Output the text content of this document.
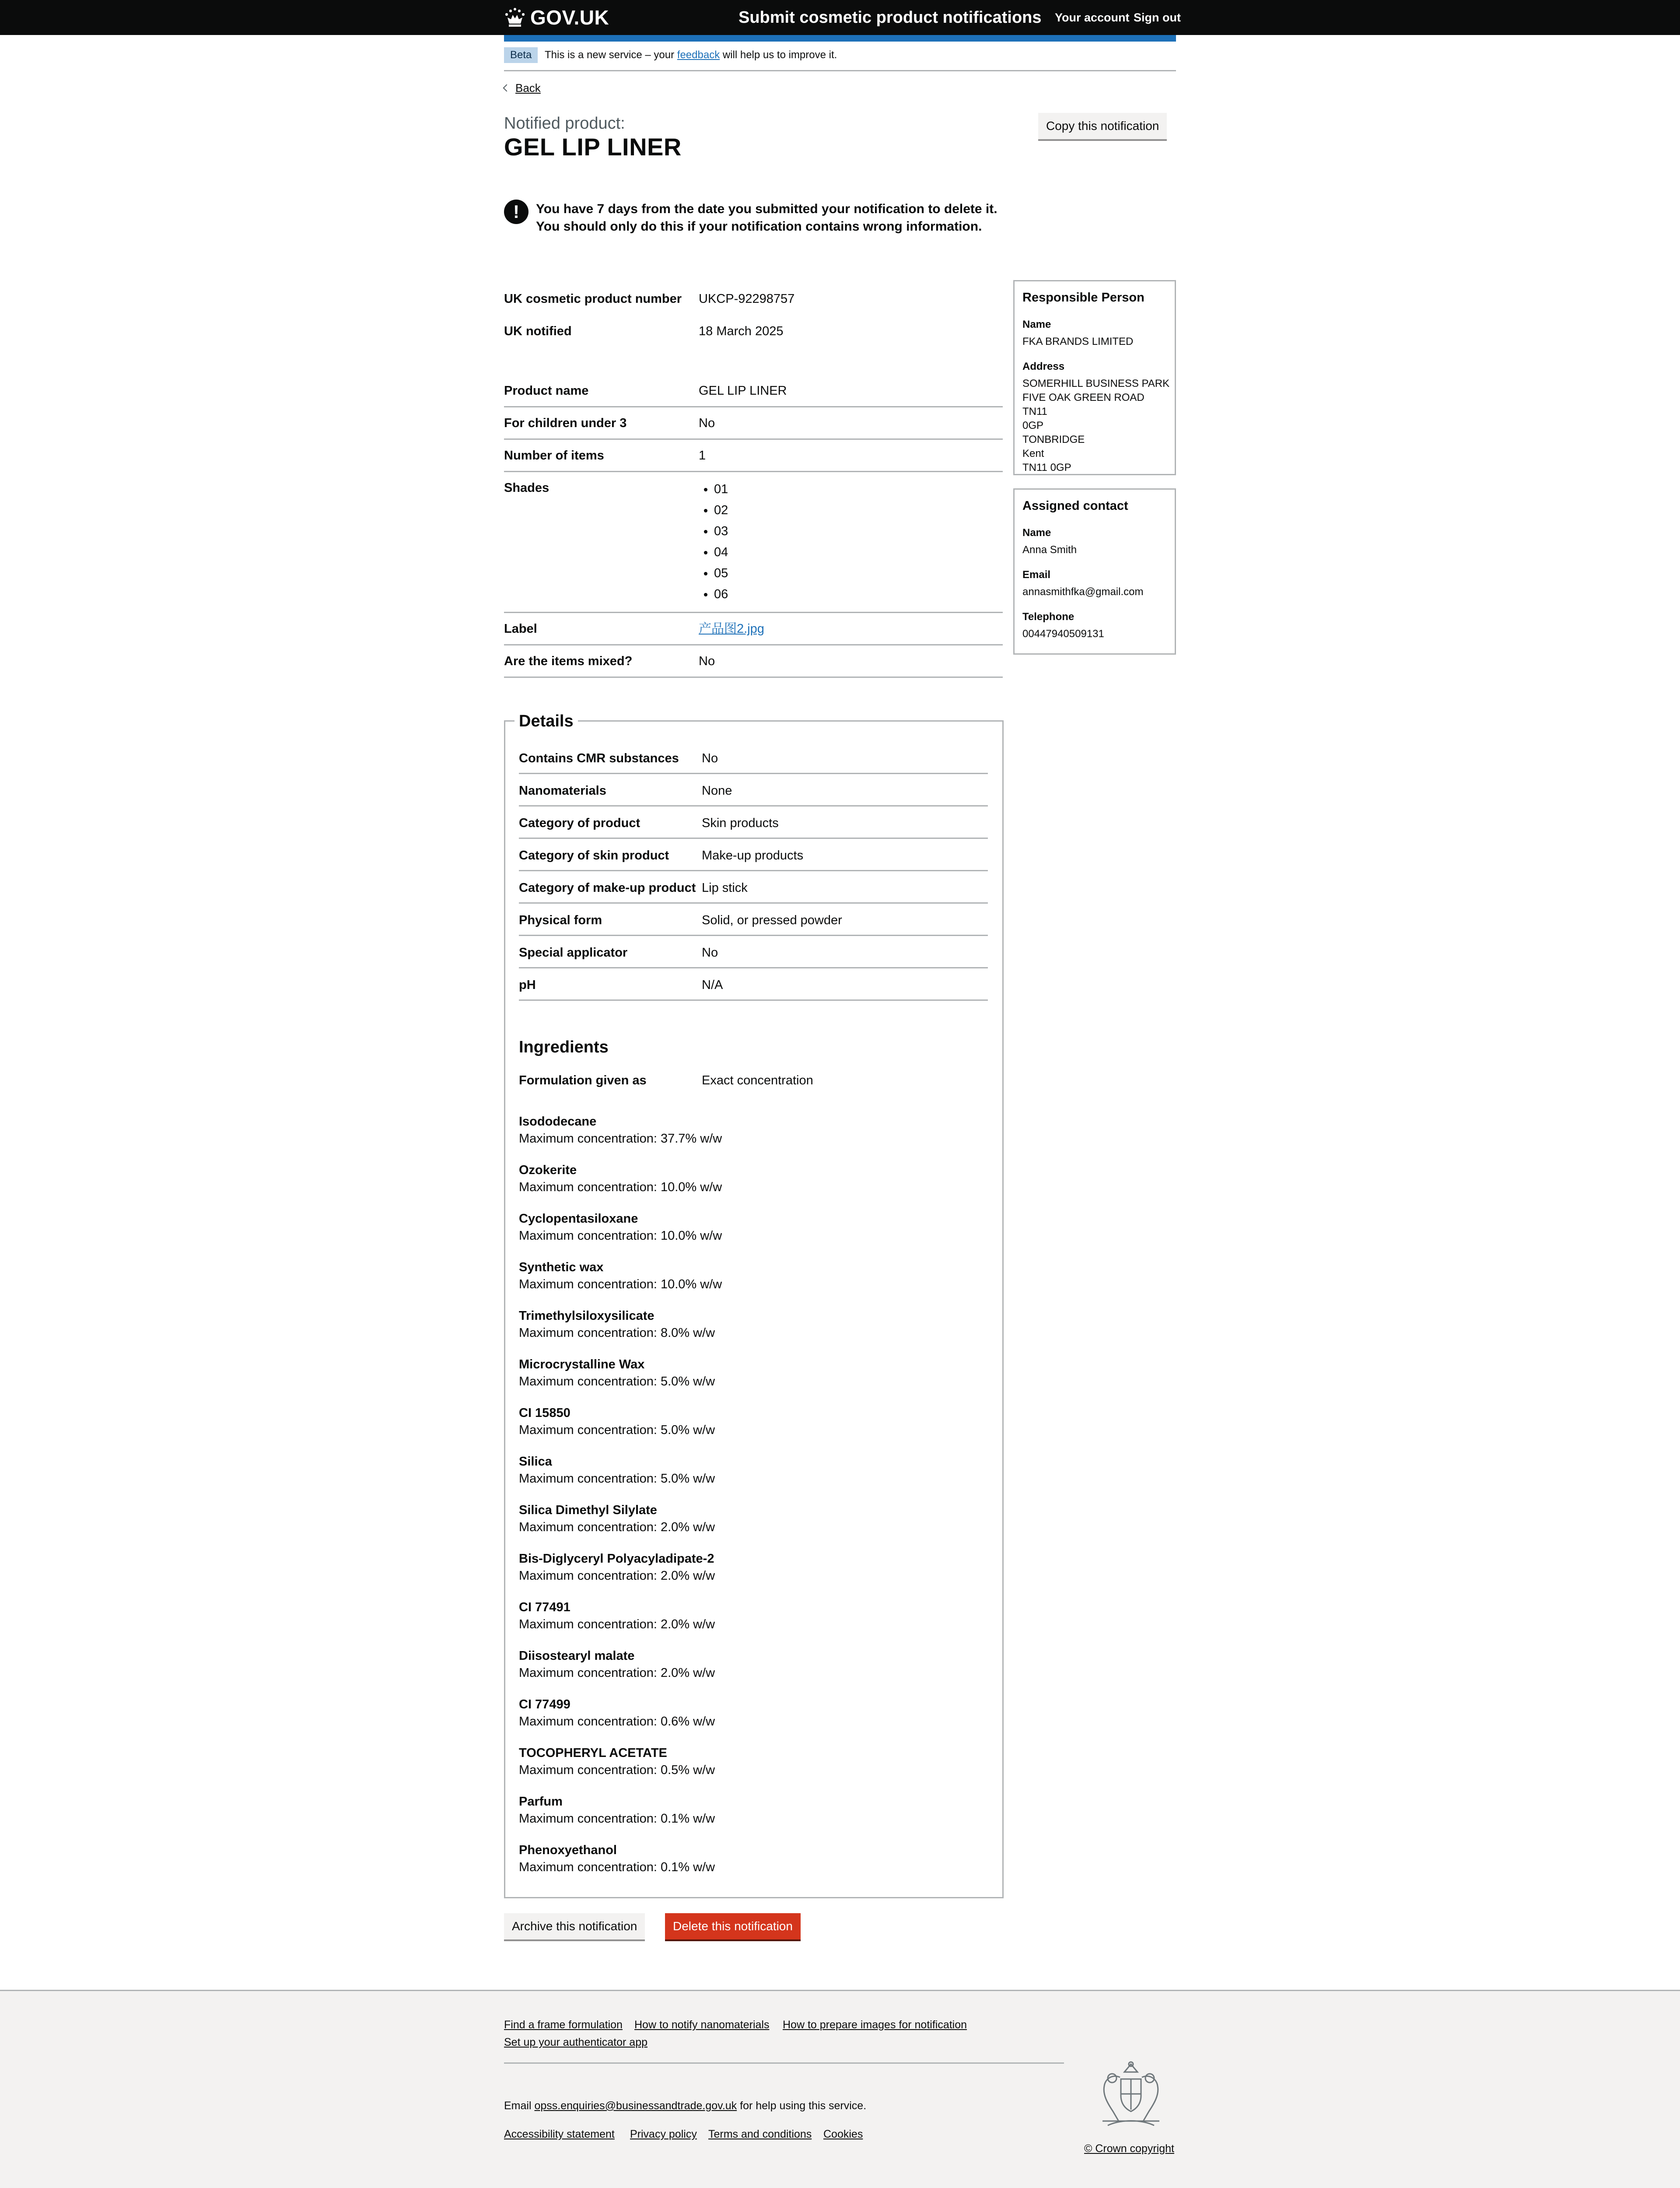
GOV.UK	Submit cosmetic product notifications Your account Sign out
Beta	This is a new service – your feedback will help us to improve it.
Back
Notified product:
GEL LIP LINER
Copy this notification
!	You have 7 days from the date you submitted your notification to delete it. You should only do this if your notification contains wrong information.
UK cosmetic product number UKCP-92298757
UK notified	18 March 2025
Product name	GEL LIP LINER
For children under 3	No
Number of items	1
Shades
•	01
• 02
• 03
• 04
• 05
• 06
Label	产品图2.jpg
Are the items mixed?	No
Details
Contains CMR substances No
Nanomaterials	None
Category of product	Skin products
Category of skin product	Make-up products
Category of make-up product Lip stick
Physical form	Solid, or pressed powder
Special applicator	No
pH	N/A
Ingredients
Formulation given as	Exact concentration
Isododecane
Maximum concentration: 37.7% w/w
Ozokerite
Maximum concentration: 10.0% w/w
Cyclopentasiloxane
Maximum concentration: 10.0% w/w
Synthetic wax
Maximum concentration: 10.0% w/w
Trimethylsiloxysilicate
Maximum concentration: 8.0% w/w
Microcrystalline Wax
Maximum concentration: 5.0% w/w
CI 15850
Maximum concentration: 5.0% w/w
Silica
Maximum concentration: 5.0% w/w
Silica Dimethyl Silylate
Maximum concentration: 2.0% w/w
Bis-Diglyceryl Polyacyladipate-2
Maximum concentration: 2.0% w/w
CI 77491
Maximum concentration: 2.0% w/w
Diisostearyl malate
Maximum concentration: 2.0% w/w
CI 77499
Maximum concentration: 0.6% w/w
TOCOPHERYL ACETATE
Maximum concentration: 0.5% w/w
Parfum
Maximum concentration: 0.1% w/w
Phenoxyethanol
Maximum concentration: 0.1% w/w
Archive this notification	Delete this notification
Responsible Person
Name
FKA BRANDS LIMITED
Address
SOMERHILL BUSINESS PARK
FIVE OAK GREEN ROAD TN11
0GP
TONBRIDGE
Kent
TN11 0GP
Assigned contact
Name
Anna Smith
Email
annasmithfka@gmail.com
Telephone
00447940509131
Find a frame formulation How to notify nanomaterials How to prepare images for notification
Set up your authenticator app
Email opss.enquiries@businessandtrade.gov.uk for help using this service.
Accessibility statement Privacy policy Terms and conditions Cookies
© Crown copyright
